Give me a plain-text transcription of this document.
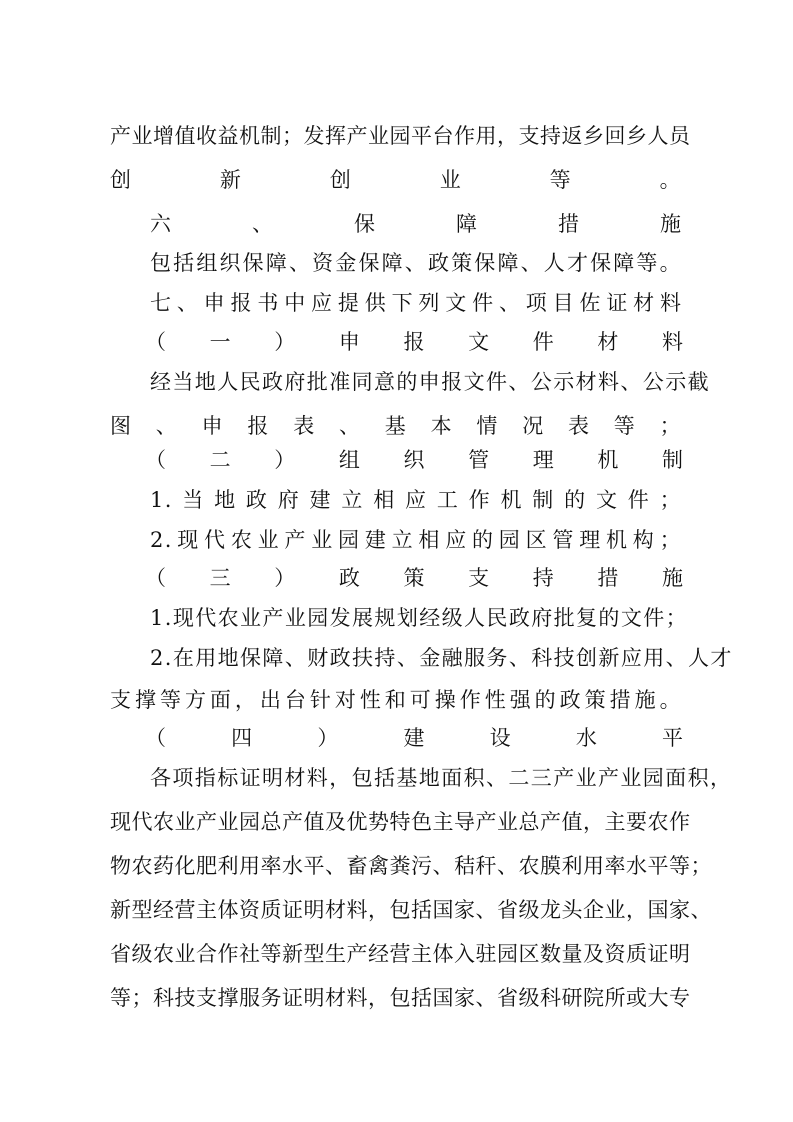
产业增值收益机制；发挥产业园平台作用，支持返乡回乡人员

创新创业等。

六、保障措施

包括组织保障、资金保障、政策保障、人才保障等。

七、申报书中应提供下列文件、项目佐证材料

（一）申报文件材料

经当地人民政府批准同意的申报文件、公示材料、公示截

图、申报表、基本情况表等；

（二）组织管理机制

1.当地政府建立相应工作机制的文件；

2.现代农业产业园建立相应的园区管理机构；

（三）政策支持措施

1.现代农业产业园发展规划经级人民政府批复的文件；

2.在用地保障、财政扶持、金融服务、科技创新应用、人才

支撑等方面，出台针对性和可操作性强的政策措施。

（四）建设水平

各项指标证明材料，包括基地面积、二三产业产业园面积，

现代农业产业园总产值及优势特色主导产业总产值，主要农作

物农药化肥利用率水平、畜禽粪污、秸秆、农膜利用率水平等；

新型经营主体资质证明材料，包括国家、省级龙头企业，国家、

省级农业合作社等新型生产经营主体入驻园区数量及资质证明

等；科技支撑服务证明材料，包括国家、省级科研院所或大专
